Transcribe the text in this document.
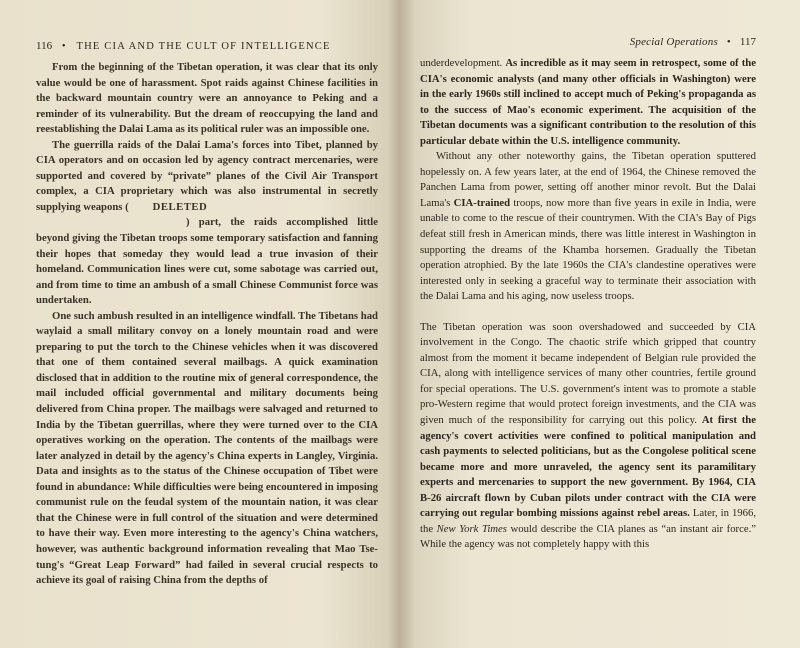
116 • THE CIA AND THE CULT OF INTELLIGENCE

From the beginning of the Tibetan operation, it was clear that its only value would be one of harassment. Spot raids against Chinese facilities in the backward mountain country were an annoyance to Peking and a reminder of its vulnerability. But the dream of reoccupying the land and reestablishing the Dalai Lama as its political ruler was an impossible one.

The guerrilla raids of the Dalai Lama's forces into Tibet, planned by CIA operators and on occasion led by agency contract mercenaries, were supported and covered by “private” planes of the Civil Air Transport complex, a CIA proprietary which was also instrumental in secretly supplying weapons ( DELETED
) part, the raids accomplished little beyond giving the Tibetan troops some temporary satisfaction and fanning their hopes that someday they would lead a true invasion of their homeland. Communication lines were cut, some sabotage was carried out, and from time to time an ambush of a small Chinese Communist force was undertaken.

One such ambush resulted in an intelligence windfall. The Tibetans had waylaid a small military convoy on a lonely mountain road and were preparing to put the torch to the Chinese vehicles when it was discovered that one of them contained several mailbags. A quick examination disclosed that in addition to the routine mix of general correspondence, the mail included official governmental and military documents being delivered from China proper. The mailbags were salvaged and returned to India by the Tibetan guerrillas, where they were turned over to the CIA operatives working on the operation. The contents of the mailbags were later analyzed in detail by the agency's China experts in Langley, Virginia. Data and insights as to the status of the Chinese occupation of Tibet were found in abundance: While difficulties were being encountered in imposing communist rule on the feudal system of the mountain nation, it was clear that the Chinese were in full control of the situation and were determined to have their way. Even more interesting to the agency's China watchers, however, was authentic background information revealing that Mao Tse-tung's “Great Leap Forward” had failed in several crucial respects to achieve its goal of raising China from the depths of

Special Operations • 117

underdevelopment. As incredible as it may seem in retrospect, some of the CIA's economic analysts (and many other officials in Washington) were in the early 1960s still inclined to accept much of Peking's propaganda as to the success of Mao's economic experiment. The acquisition of the Tibetan documents was a significant contribution to the resolution of this particular debate within the U.S. intelligence community.

Without any other noteworthy gains, the Tibetan operation sputtered hopelessly on. A few years later, at the end of 1964, the Chinese removed the Panchen Lama from power, setting off another minor revolt. But the Dalai Lama's CIA-trained troops, now more than five years in exile in India, were unable to come to the rescue of their countrymen. With the CIA's Bay of Pigs defeat still fresh in American minds, there was little interest in Washington in supporting the dreams of the Khamba horsemen. Gradually the Tibetan operation atrophied. By the late 1960s the CIA's clandestine operatives were interested only in seeking a graceful way to terminate their association with the Dalai Lama and his aging, now useless troops.

The Tibetan operation was soon overshadowed and succeeded by CIA involvement in the Congo. The chaotic strife which gripped that country almost from the moment it became independent of Belgian rule provided the CIA, along with intelligence services of many other countries, fertile ground for special operations. The U.S. government's intent was to promote a stable pro-Western regime that would protect foreign investments, and the CIA was given much of the responsibility for carrying out this policy. At first the agency's covert activities were confined to political manipulation and cash payments to selected politicians, but as the Congolese political scene became more and more unraveled, the agency sent its paramilitary experts and mercenaries to support the new government. By 1964, CIA B-26 aircraft flown by Cuban pilots under contract with the CIA were carrying out regular bombing missions against rebel areas. Later, in 1966, the New York Times would describe the CIA planes as “an instant air force.” While the agency was not completely happy with this
